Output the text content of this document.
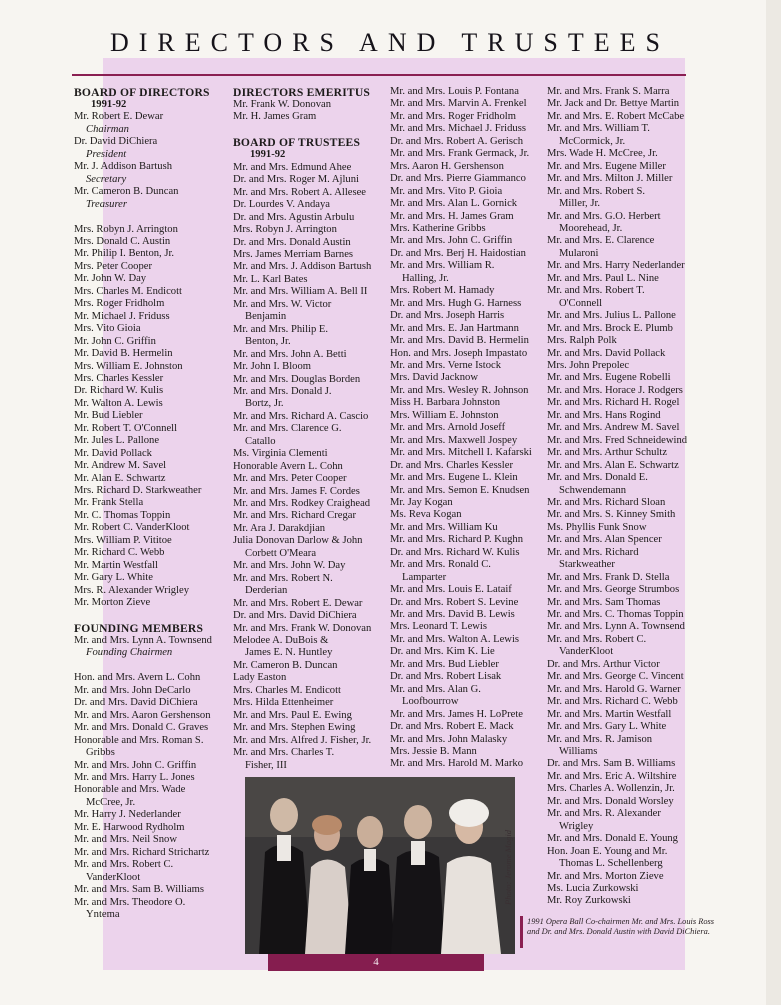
DIRECTORS AND TRUSTEES
BOARD OF DIRECTORS
1991-92
Mr. Robert E. Dewar
Chairman
Dr. David DiChiera
President
Mr. J. Addison Bartush
Secretary
Mr. Cameron B. Duncan
Treasurer
Mrs. Robyn J. Arrington
Mrs. Donald C. Austin
Mr. Philip I. Benton, Jr.
Mrs. Peter Cooper
Mr. John W. Day
Mrs. Charles M. Endicott
Mrs. Roger Fridholm
Mr. Michael J. Friduss
Mrs. Vito Gioia
Mr. John C. Griffin
Mr. David B. Hermelin
Mrs. William E. Johnston
Mrs. Charles Kessler
Dr. Richard W. Kulis
Mr. Walton A. Lewis
Mr. Bud Liebler
Mr. Robert T. O'Connell
Mr. Jules L. Pallone
Mr. David Pollack
Mr. Andrew M. Savel
Mr. Alan E. Schwartz
Mrs. Richard D. Starkweather
Mr. Frank Stella
Mr. C. Thomas Toppin
Mr. Robert C. VanderKloot
Mrs. William P. Vititoe
Mr. Richard C. Webb
Mr. Martin Westfall
Mr. Gary L. White
Mrs. R. Alexander Wrigley
Mr. Morton Zieve
FOUNDING MEMBERS
Mr. and Mrs. Lynn A. Townsend
Founding Chairmen
Hon. and Mrs. Avern L. Cohn
Mr. and Mrs. John DeCarlo
Dr. and Mrs. David DiChiera
Mr. and Mrs. Aaron Gershenson
Mr. and Mrs. Donald C. Graves
Honorable and Mrs. Roman S.
Gribbs
Mr. and Mrs. John C. Griffin
Mr. and Mrs. Harry L. Jones
Honorable and Mrs. Wade
McCree, Jr.
Mr. Harry J. Nederlander
Mr. E. Harwood Rydholm
Mr. and Mrs. Neil Snow
Mr. and Mrs. Richard Strichartz
Mr. and Mrs. Robert C.
VanderKloot
Mr. and Mrs. Sam B. Williams
Mr. and Mrs. Theodore O.
Yntema
DIRECTORS EMERITUS
Mr. Frank W. Donovan
Mr. H. James Gram
BOARD OF TRUSTEES
1991-92
Mr. and Mrs. Edmund Ahee
Dr. and Mrs. Roger M. Ajluni
Mr. and Mrs. Robert A. Allesee
Dr. Lourdes V. Andaya
Dr. and Mrs. Agustin Arbulu
Mrs. Robyn J. Arrington
Dr. and Mrs. Donald Austin
Mrs. James Merriam Barnes
Mr. and Mrs. J. Addison Bartush
Mr. L. Karl Bates
Mr. and Mrs. William A. Bell II
Mr. and Mrs. W. Victor
Benjamin
Mr. and Mrs. Philip E.
Benton, Jr.
Mr. and Mrs. John A. Betti
Mr. John I. Bloom
Mr. and Mrs. Douglas Borden
Mr. and Mrs. Donald J.
Bortz, Jr.
Mr. and Mrs. Richard A. Cascio
Mr. and Mrs. Clarence G.
Catallo
Ms. Virginia Clementi
Honorable Avern L. Cohn
Mr. and Mrs. Peter Cooper
Mr. and Mrs. James F. Cordes
Mr. and Mrs. Rodkey Craighead
Mr. and Mrs. Richard Cregar
Mr. Ara J. Darakdjian
Julia Donovan Darlow & John
Corbett O'Meara
Mr. and Mrs. John W. Day
Mr. and Mrs. Robert N.
Derderian
Mr. and Mrs. Robert E. Dewar
Dr. and Mrs. David DiChiera
Mr. and Mrs. Frank W. Donovan
Melodee A. DuBois &
James E. N. Huntley
Mr. Cameron B. Duncan
Lady Easton
Mrs. Charles M. Endicott
Mrs. Hilda Ettenheimer
Mr. and Mrs. Paul E. Ewing
Mr. and Mrs. Stephen Ewing
Mr. and Mrs. Alfred J. Fisher, Jr.
Mr. and Mrs. Charles T.
Fisher, III
Mr. and Mrs. Louis P. Fontana
Mr. and Mrs. Marvin A. Frenkel
Mr. and Mrs. Roger Fridholm
Mr. and Mrs. Michael J. Friduss
Dr. and Mrs. Robert A. Gerisch
Mr. and Mrs. Frank Germack, Jr.
Mrs. Aaron H. Gershenson
Dr. and Mrs. Pierre Giammanco
Mr. and Mrs. Vito P. Gioia
Mr. and Mrs. Alan L. Gornick
Mr. and Mrs. H. James Gram
Mrs. Katherine Gribbs
Mr. and Mrs. John C. Griffin
Dr. and Mrs. Berj H. Haidostian
Mr. and Mrs. William R.
Halling, Jr.
Mrs. Robert M. Hamady
Mr. and Mrs. Hugh G. Harness
Dr. and Mrs. Joseph Harris
Mr. and Mrs. E. Jan Hartmann
Mr. and Mrs. David B. Hermelin
Hon. and Mrs. Joseph Impastato
Mr. and Mrs. Verne Istock
Mrs. David Jacknow
Mr. and Mrs. Wesley R. Johnson
Miss H. Barbara Johnston
Mrs. William E. Johnston
Mr. and Mrs. Arnold Joseff
Mr. and Mrs. Maxwell Jospey
Mr. and Mrs. Mitchell I. Kafarski
Dr. and Mrs. Charles Kessler
Mr. and Mrs. Eugene L. Klein
Mr. and Mrs. Semon E. Knudsen
Mr. Jay Kogan
Ms. Reva Kogan
Mr. and Mrs. William Ku
Mr. and Mrs. Richard P. Kughn
Dr. and Mrs. Richard W. Kulis
Mr. and Mrs. Ronald C.
Lamparter
Mr. and Mrs. Louis E. Lataif
Dr. and Mrs. Robert S. Levine
Mr. and Mrs. David B. Lewis
Mrs. Leonard T. Lewis
Mr. and Mrs. Walton A. Lewis
Dr. and Mrs. Kim K. Lie
Mr. and Mrs. Bud Liebler
Dr. and Mrs. Robert Lisak
Mr. and Mrs. Alan G.
Loofbourrow
Mr. and Mrs. James H. LoPrete
Dr. and Mrs. Robert E. Mack
Mr. and Mrs. John Malasky
Mrs. Jessie B. Mann
Mr. and Mrs. Harold M. Marko
Mr. and Mrs. Frank S. Marra
Mr. Jack and Dr. Bettye Martin
Mr. and Mrs. E. Robert McCabe
Mr. and Mrs. William T.
McCormick, Jr.
Mrs. Wade H. McCree, Jr.
Mr. and Mrs. Eugene Miller
Mr. and Mrs. Milton J. Miller
Mr. and Mrs. Robert S.
Miller, Jr.
Mr. and Mrs. G.O. Herbert
Moorehead, Jr.
Mr. and Mrs. E. Clarence
Mularoni
Mr. and Mrs. Harry Nederlander
Mr. and Mrs. Paul L. Nine
Mr. and Mrs. Robert T.
O'Connell
Mr. and Mrs. Julius L. Pallone
Mr. and Mrs. Brock E. Plumb
Mrs. Ralph Polk
Mr. and Mrs. David Pollack
Mrs. John Prepolec
Mr. and Mrs. Eugene Robelli
Mr. and Mrs. Horace J. Rodgers
Mr. and Mrs. Richard H. Rogel
Mr. and Mrs. Hans Rogind
Mr. and Mrs. Andrew M. Savel
Mr. and Mrs. Fred Schneidewind
Mr. and Mrs. Arthur Schultz
Mr. and Mrs. Alan E. Schwartz
Mr. and Mrs. Donald E.
Schwendemann
Mr. and Mrs. Richard Sloan
Mr. and Mrs. S. Kinney Smith
Ms. Phyllis Funk Snow
Mr. and Mrs. Alan Spencer
Mr. and Mrs. Richard
Starkweather
Mr. and Mrs. Frank D. Stella
Mr. and Mrs. George Strumbos
Mr. and Mrs. Sam Thomas
Mr. and Mrs. C. Thomas Toppin
Mr. and Mrs. Lynn A. Townsend
Mr. and Mrs. Robert C.
VanderKloot
Dr. and Mrs. Arthur Victor
Mr. and Mrs. George C. Vincent
Mr. and Mrs. Harold G. Warner
Mr. and Mrs. Richard C. Webb
Mr. and Mrs. Martin Westfall
Mr. and Mrs. Gary L. White
Mr. and Mrs. R. Jamison
Williams
Dr. and Mrs. Sam B. Williams
Mr. and Mrs. Eric A. Wiltshire
Mrs. Charles A. Wollenzin, Jr.
Mr. and Mrs. Donald Worsley
Mr. and Mrs. R. Alexander
Wrigley
Mr. and Mrs. Donald E. Young
Hon. Joan E. Young and Mr.
Thomas L. Schellenberg
Mr. and Mrs. Morton Zieve
Ms. Lucia Zurkowski
Mr. Roy Zurkowski
Photo: Jerome Magid
1991 Opera Ball Co-chairmen Mr. and Mrs. Louis Ross and Dr. and Mrs. Donald Austin with David DiChiera.
4
